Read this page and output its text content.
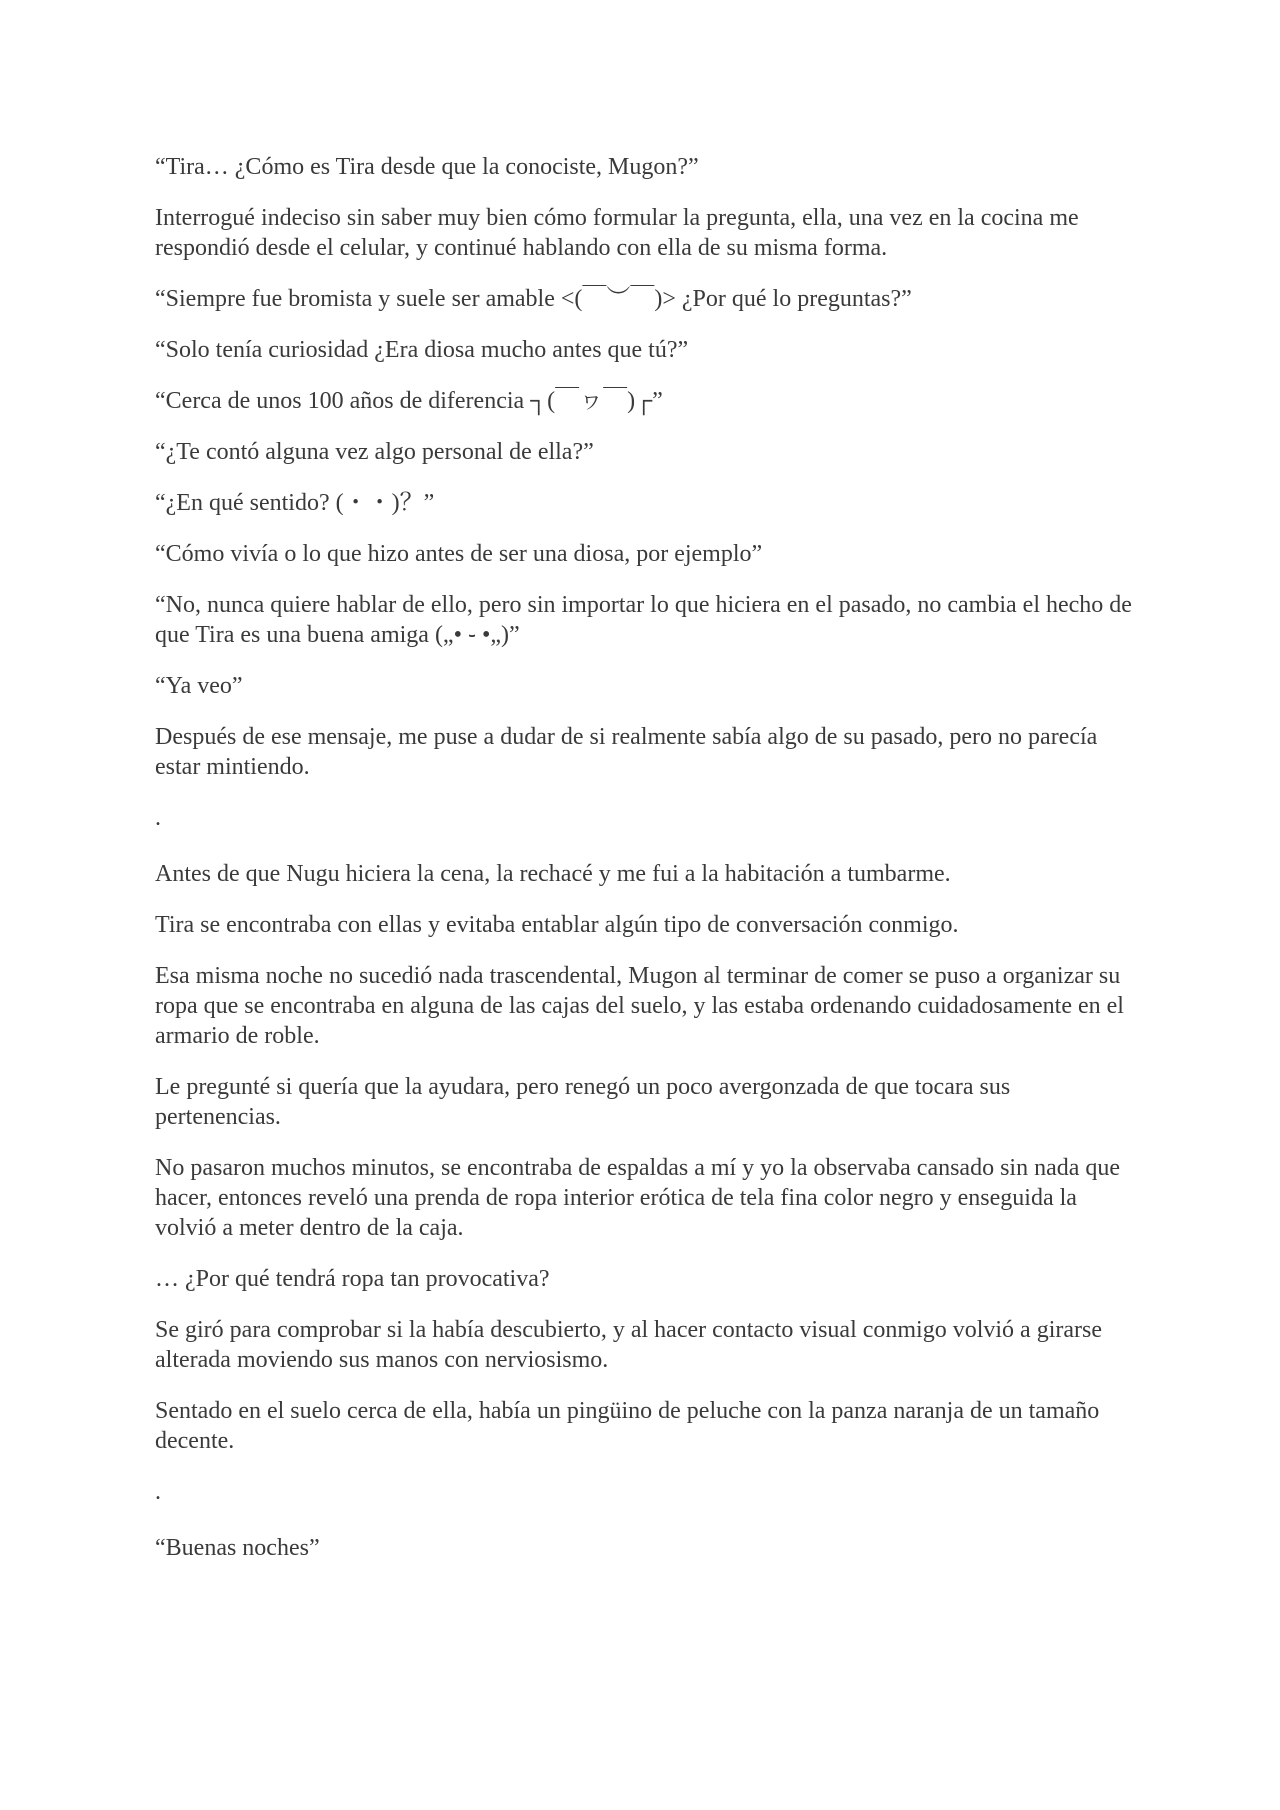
“Tira… ¿Cómo es Tira desde que la conociste, Mugon?”

Interrogué indeciso sin saber muy bien cómo formular la pregunta, ella, una vez en la cocina me respondió desde el celular, y continué hablando con ella de su misma forma.

“Siempre fue bromista y suele ser amable <(￣︶￣)> ¿Por qué lo preguntas?”

“Solo tenía curiosidad ¿Era diosa mucho antes que tú?”

“Cerca de unos 100 años de diferencia ┐(￣ヮ￣)┌”

“¿Te contó alguna vez algo personal de ella?”

“¿En qué sentido? (・・)？”

“Cómo vivía o lo que hizo antes de ser una diosa, por ejemplo”

“No, nunca quiere hablar de ello, pero sin importar lo que hiciera en el pasado, no cambia el hecho de que Tira es una buena amiga („• ֊ •„)”

“Ya veo”

Después de ese mensaje, me puse a dudar de si realmente sabía algo de su pasado, pero no parecía estar mintiendo.

.

Antes de que Nugu hiciera la cena, la rechacé y me fui a la habitación a tumbarme.

Tira se encontraba con ellas y evitaba entablar algún tipo de conversación conmigo.

Esa misma noche no sucedió nada trascendental, Mugon al terminar de comer se puso a organizar su ropa que se encontraba en alguna de las cajas del suelo, y las estaba ordenando cuidadosamente en el armario de roble.

Le pregunté si quería que la ayudara, pero renegó un poco avergonzada de que tocara sus pertenencias.

No pasaron muchos minutos, se encontraba de espaldas a mí y yo la observaba cansado sin nada que hacer, entonces reveló una prenda de ropa interior erótica de tela fina color negro y enseguida la volvió a meter dentro de la caja.

… ¿Por qué tendrá ropa tan provocativa?

Se giró para comprobar si la había descubierto, y al hacer contacto visual conmigo volvió a girarse alterada moviendo sus manos con nerviosismo.

Sentado en el suelo cerca de ella, había un pingüino de peluche con la panza naranja de un tamaño decente.

.

“Buenas noches”
